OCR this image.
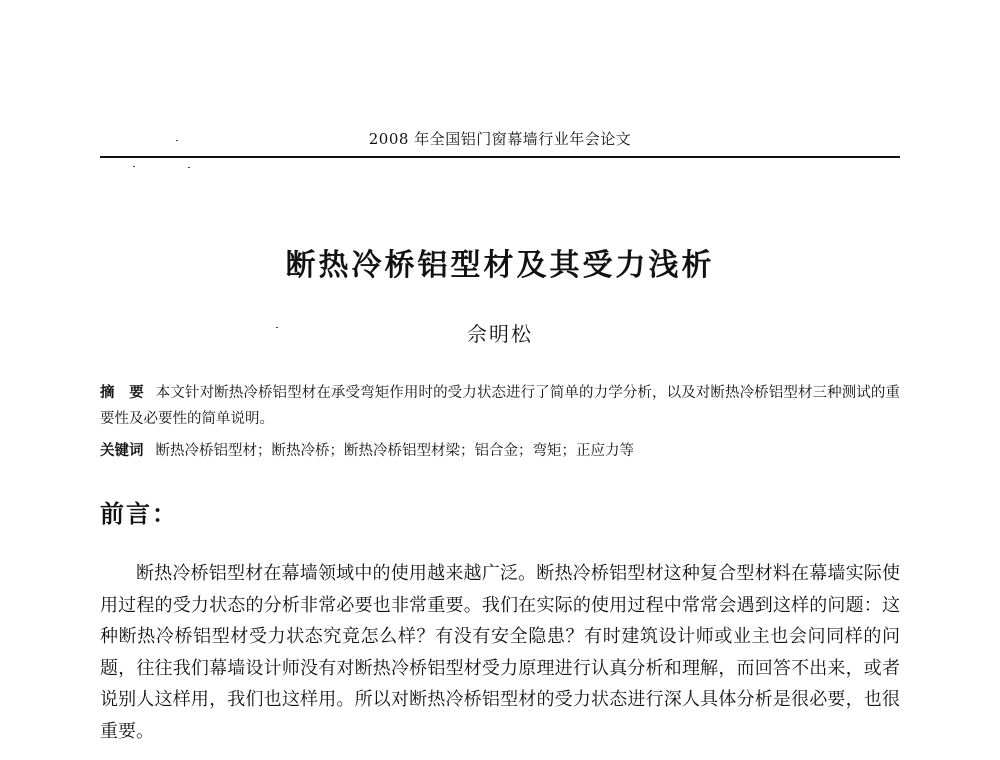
2008 年全国铝门窗幕墙行业年会论文
断热冷桥铝型材及其受力浅析
佘明松
摘　要 本文针对断热冷桥铝型材在承受弯矩作用时的受力状态进行了简单的力学分析，以及对断热冷桥铝型材三种测试的重要性及必要性的简单说明。
关键词 断热冷桥铝型材；断热冷桥；断热冷桥铝型材梁；铝合金；弯矩；正应力等
前言：
断热冷桥铝型材在幕墙领域中的使用越来越广泛。断热冷桥铝型材这种复合型材料在幕墙实际使用过程的受力状态的分析非常必要也非常重要。我们在实际的使用过程中常常会遇到这样的问题：这种断热冷桥铝型材受力状态究竟怎么样？有没有安全隐患？有时建筑设计师或业主也会问同样的问题，往往我们幕墙设计师没有对断热冷桥铝型材受力原理进行认真分析和理解，而回答不出来，或者说别人这样用，我们也这样用。所以对断热冷桥铝型材的受力状态进行深人具体分析是很必要，也很重要。
